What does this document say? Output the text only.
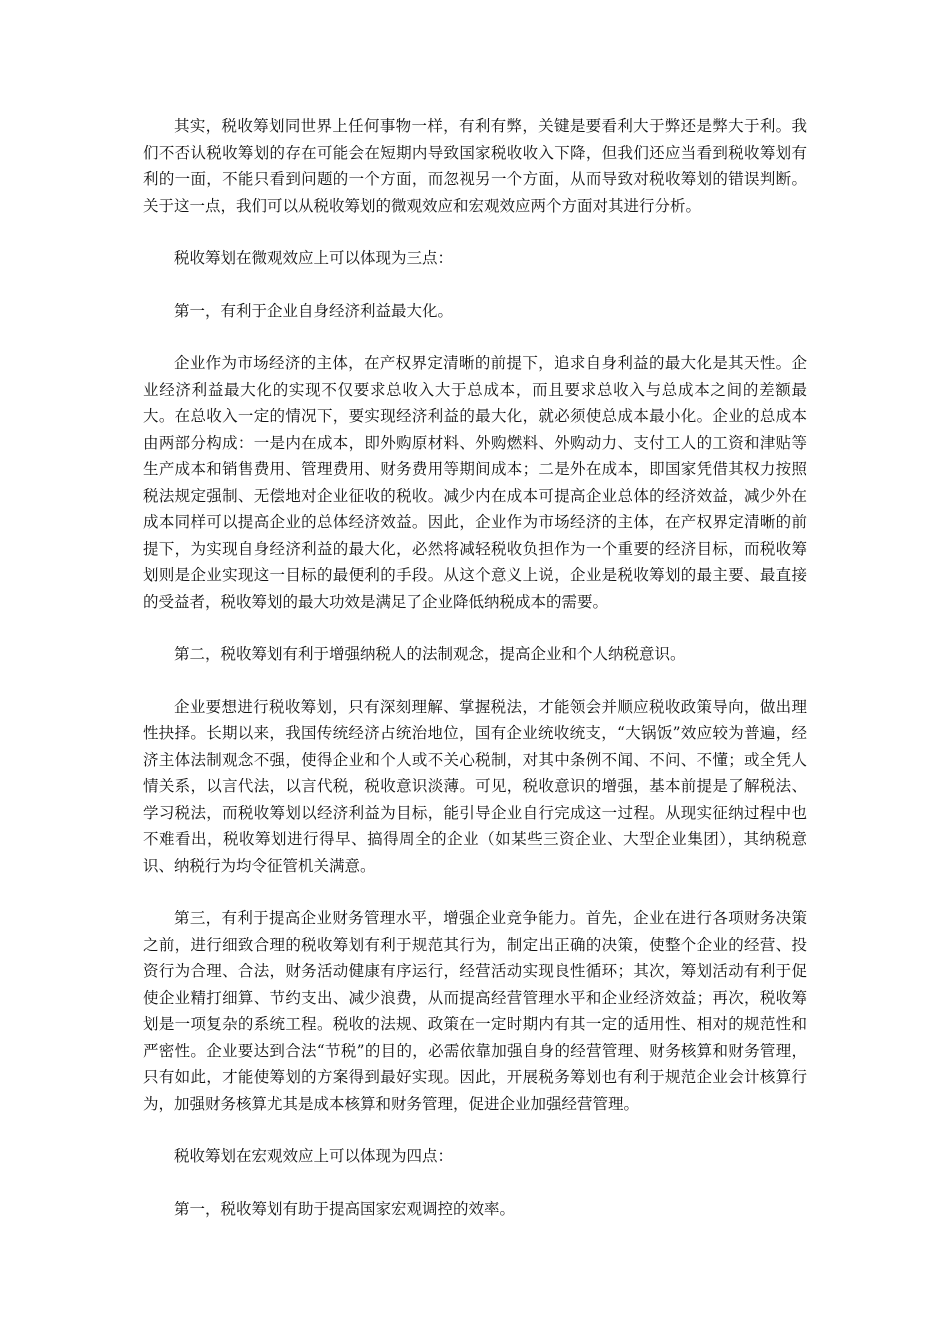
其实，税收筹划同世界上任何事物一样，有利有弊，关键是要看利大于弊还是弊大于利。我们不否认税收筹划的存在可能会在短期内导致国家税收收入下降，但我们还应当看到税收筹划有利的一面，不能只看到问题的一个方面，而忽视另一个方面，从而导致对税收筹划的错误判断。关于这一点，我们可以从税收筹划的微观效应和宏观效应两个方面对其进行分析。

税收筹划在微观效应上可以体现为三点：

第一，有利于企业自身经济利益最大化。

企业作为市场经济的主体，在产权界定清晰的前提下，追求自身利益的最大化是其天性。企业经济利益最大化的实现不仅要求总收入大于总成本，而且要求总收入与总成本之间的差额最大。在总收入一定的情况下，要实现经济利益的最大化，就必须使总成本最小化。企业的总成本由两部分构成：一是内在成本，即外购原材料、外购燃料、外购动力、支付工人的工资和津贴等生产成本和销售费用、管理费用、财务费用等期间成本；二是外在成本，即国家凭借其权力按照税法规定强制、无偿地对企业征收的税收。减少内在成本可提高企业总体的经济效益，减少外在成本同样可以提高企业的总体经济效益。因此，企业作为市场经济的主体，在产权界定清晰的前提下，为实现自身经济利益的最大化，必然将减轻税收负担作为一个重要的经济目标，而税收筹划则是企业实现这一目标的最便利的手段。从这个意义上说，企业是税收筹划的最主要、最直接的受益者，税收筹划的最大功效是满足了企业降低纳税成本的需要。

第二，税收筹划有利于增强纳税人的法制观念，提高企业和个人纳税意识。

企业要想进行税收筹划，只有深刻理解、掌握税法，才能领会并顺应税收政策导向，做出理性抉择。长期以来，我国传统经济占统治地位，国有企业统收统支，“大锅饭”效应较为普遍，经济主体法制观念不强，使得企业和个人或不关心税制，对其中条例不闻、不问、不懂；或全凭人情关系，以言代法，以言代税，税收意识淡薄。可见，税收意识的增强，基本前提是了解税法、学习税法，而税收筹划以经济利益为目标，能引导企业自行完成这一过程。从现实征纳过程中也不难看出，税收筹划进行得早、搞得周全的企业（如某些三资企业、大型企业集团），其纳税意识、纳税行为均令征管机关满意。

第三，有利于提高企业财务管理水平，增强企业竞争能力。首先，企业在进行各项财务决策之前，进行细致合理的税收筹划有利于规范其行为，制定出正确的决策，使整个企业的经营、投资行为合理、合法，财务活动健康有序运行，经营活动实现良性循环；其次，筹划活动有利于促使企业精打细算、节约支出、减少浪费，从而提高经营管理水平和企业经济效益；再次，税收筹划是一项复杂的系统工程。税收的法规、政策在一定时期内有其一定的适用性、相对的规范性和严密性。企业要达到合法“节税”的目的，必需依靠加强自身的经营管理、财务核算和财务管理，只有如此，才能使筹划的方案得到最好实现。因此，开展税务筹划也有利于规范企业会计核算行为，加强财务核算尤其是成本核算和财务管理，促进企业加强经营管理。

税收筹划在宏观效应上可以体现为四点：

第一，税收筹划有助于提高国家宏观调控的效率。
